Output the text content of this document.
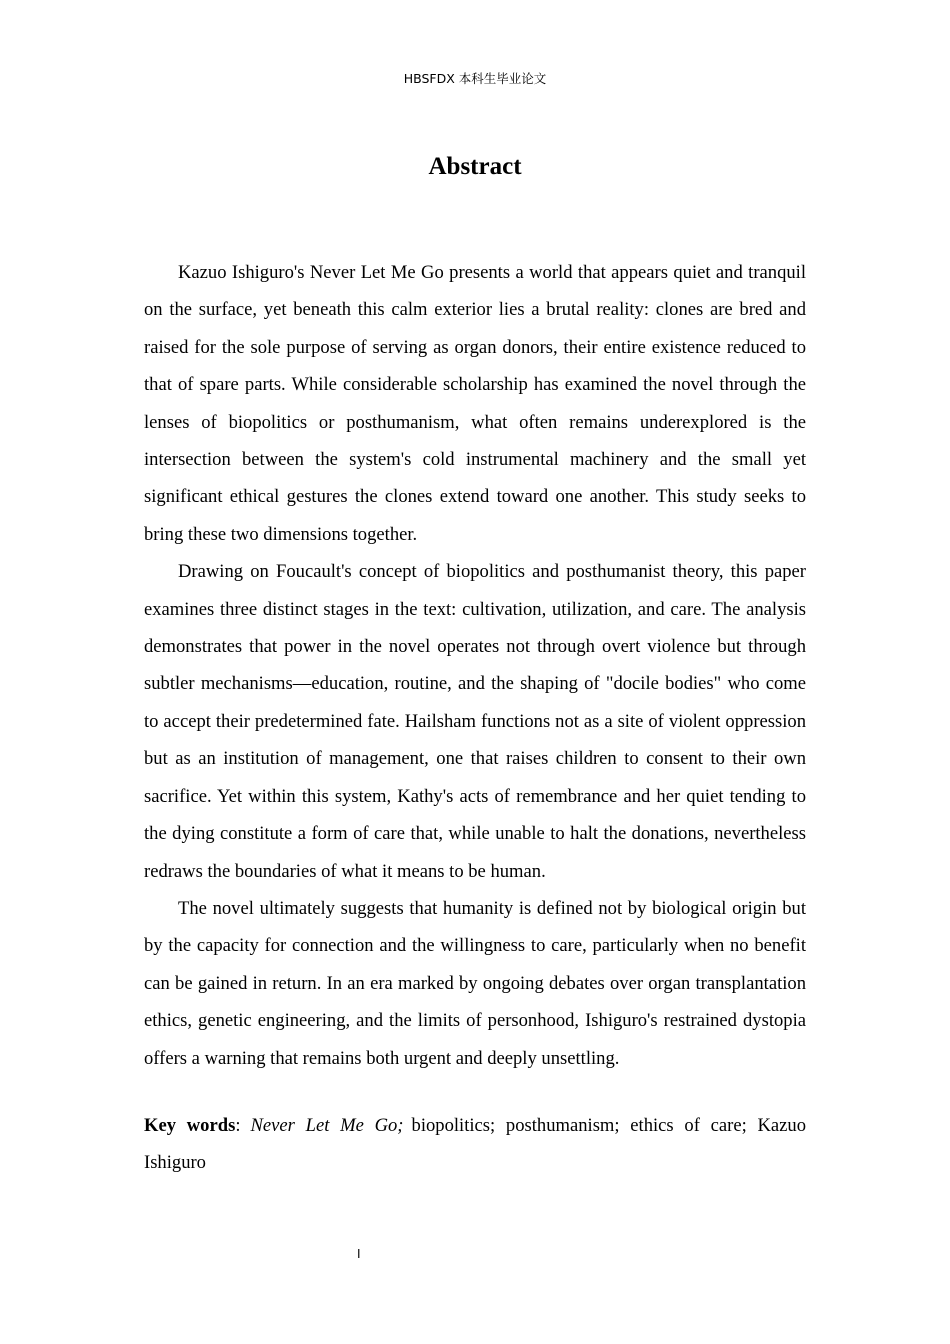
HBSFDX 本科生毕业论文
Abstract

Kazuo Ishiguro's Never Let Me Go presents a world that appears quiet and tranquil on the surface, yet beneath this calm exterior lies a brutal reality: clones are bred and raised for the sole purpose of serving as organ donors, their entire existence reduced to that of spare parts. While considerable scholarship has examined the novel through the lenses of biopolitics or posthumanism, what often remains underexplored is the intersection between the system's cold instrumental machinery and the small yet significant ethical gestures the clones extend toward one another. This study seeks to bring these two dimensions together.

Drawing on Foucault's concept of biopolitics and posthumanist theory, this paper examines three distinct stages in the text: cultivation, utilization, and care. The analysis demonstrates that power in the novel operates not through overt violence but through subtler mechanisms—education, routine, and the shaping of "docile bodies" who come to accept their predetermined fate. Hailsham functions not as a site of violent oppression but as an institution of management, one that raises children to consent to their own sacrifice. Yet within this system, Kathy's acts of remembrance and her quiet tending to the dying constitute a form of care that, while unable to halt the donations, nevertheless redraws the boundaries of what it means to be human.

The novel ultimately suggests that humanity is defined not by biological origin but by the capacity for connection and the willingness to care, particularly when no benefit can be gained in return. In an era marked by ongoing debates over organ transplantation ethics, genetic engineering, and the limits of personhood, Ishiguro's restrained dystopia offers a warning that remains both urgent and deeply unsettling.

Key words: Never Let Me Go; biopolitics; posthumanism; ethics of care; Kazuo Ishiguro

I
